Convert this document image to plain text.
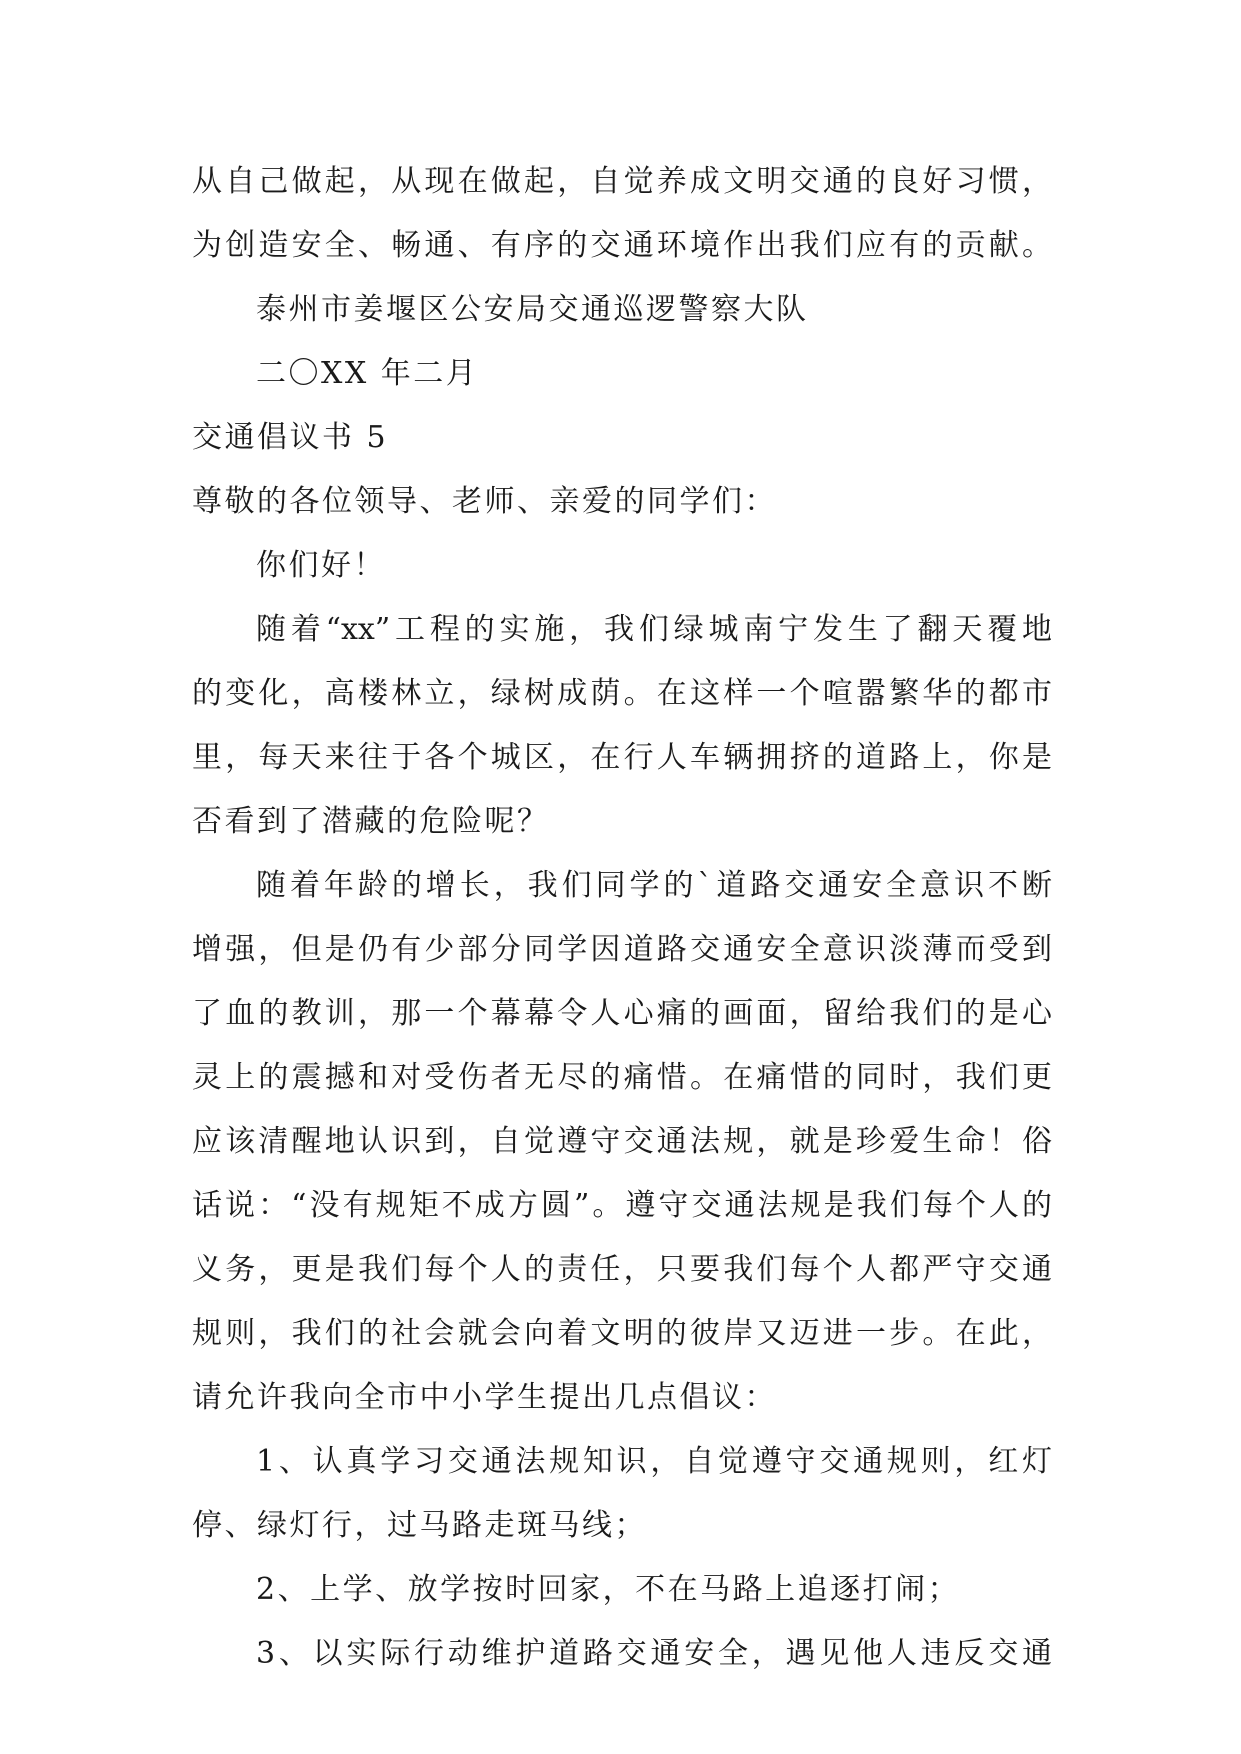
从自己做起，从现在做起，自觉养成文明交通的良好习惯，
为创造安全、畅通、有序的交通环境作出我们应有的贡献。
泰州市姜堰区公安局交通巡逻警察大队
二〇XX 年二月
交通倡议书 5
尊敬的各位领导、老师、亲爱的同学们：
你们好！
随着“xx”工程的实施，我们绿城南宁发生了翻天覆地
的变化，高楼林立，绿树成荫。在这样一个喧嚣繁华的都市
里，每天来往于各个城区，在行人车辆拥挤的道路上，你是
否看到了潜藏的危险呢？
随着年龄的增长，我们同学的`道路交通安全意识不断
增强，但是仍有少部分同学因道路交通安全意识淡薄而受到
了血的教训，那一个幕幕令人心痛的画面，留给我们的是心
灵上的震撼和对受伤者无尽的痛惜。在痛惜的同时，我们更
应该清醒地认识到，自觉遵守交通法规，就是珍爱生命！俗
话说：“没有规矩不成方圆”。遵守交通法规是我们每个人的
义务，更是我们每个人的责任，只要我们每个人都严守交通
规则，我们的社会就会向着文明的彼岸又迈进一步。在此，
请允许我向全市中小学生提出几点倡议：
1、认真学习交通法规知识，自觉遵守交通规则，红灯
停、绿灯行，过马路走斑马线；
2、上学、放学按时回家，不在马路上追逐打闹；
3、以实际行动维护道路交通安全，遇见他人违反交通
